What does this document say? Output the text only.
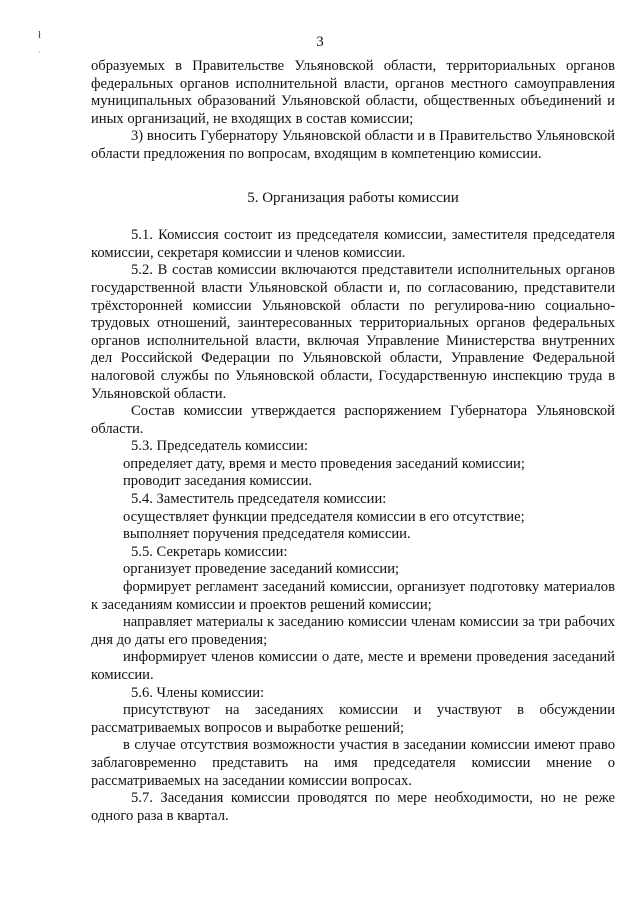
ł
·
3

образуемых в Правительстве Ульяновской области, территориальных органов федеральных органов исполнительной власти, органов местного самоуправления муниципальных образований Ульяновской области, общественных объединений и иных организаций, не входящих в состав комиссии;

3) вносить Губернатору Ульяновской области и в Правительство Ульяновской области предложения по вопросам, входящим в компетенцию комиссии.

5. Организация работы комиссии

5.1. Комиссия состоит из председателя комиссии, заместителя председателя комиссии, секретаря комиссии и членов комиссии.

5.2. В состав комиссии включаются представители исполнительных органов государственной власти Ульяновской области и, по согласованию, представители трёхсторонней комиссии Ульяновской области по регулирова-нию социально-трудовых отношений, заинтересованных территориальных органов федеральных органов исполнительной власти, включая Управление Министерства внутренних дел Российской Федерации по Ульяновской области, Управление Федеральной налоговой службы по Ульяновской области, Государственную инспекцию труда в Ульяновской области.

Состав комиссии утверждается распоряжением Губернатора Ульяновской области.

5.3. Председатель комиссии:

определяет дату, время и место проведения заседаний комиссии;

проводит заседания комиссии.

5.4. Заместитель председателя комиссии:

осуществляет функции председателя комиссии в его отсутствие;

выполняет поручения председателя комиссии.

5.5. Секретарь комиссии:

организует проведение заседаний комиссии;

формирует регламент заседаний комиссии, организует подготовку материалов к заседаниям комиссии и проектов решений комиссии;

направляет материалы к заседанию комиссии членам комиссии за три рабочих дня до даты его проведения;

информирует членов комиссии о дате, месте и времени проведения заседаний комиссии.

5.6. Члены комиссии:

присутствуют на заседаниях комиссии и участвуют в обсуждении рассматриваемых вопросов и выработке решений;

в случае отсутствия возможности участия в заседании комиссии имеют право заблаговременно представить на имя председателя комиссии мнение о рассматриваемых на заседании комиссии вопросах.

5.7. Заседания комиссии проводятся по мере необходимости, но не реже одного раза в квартал.
